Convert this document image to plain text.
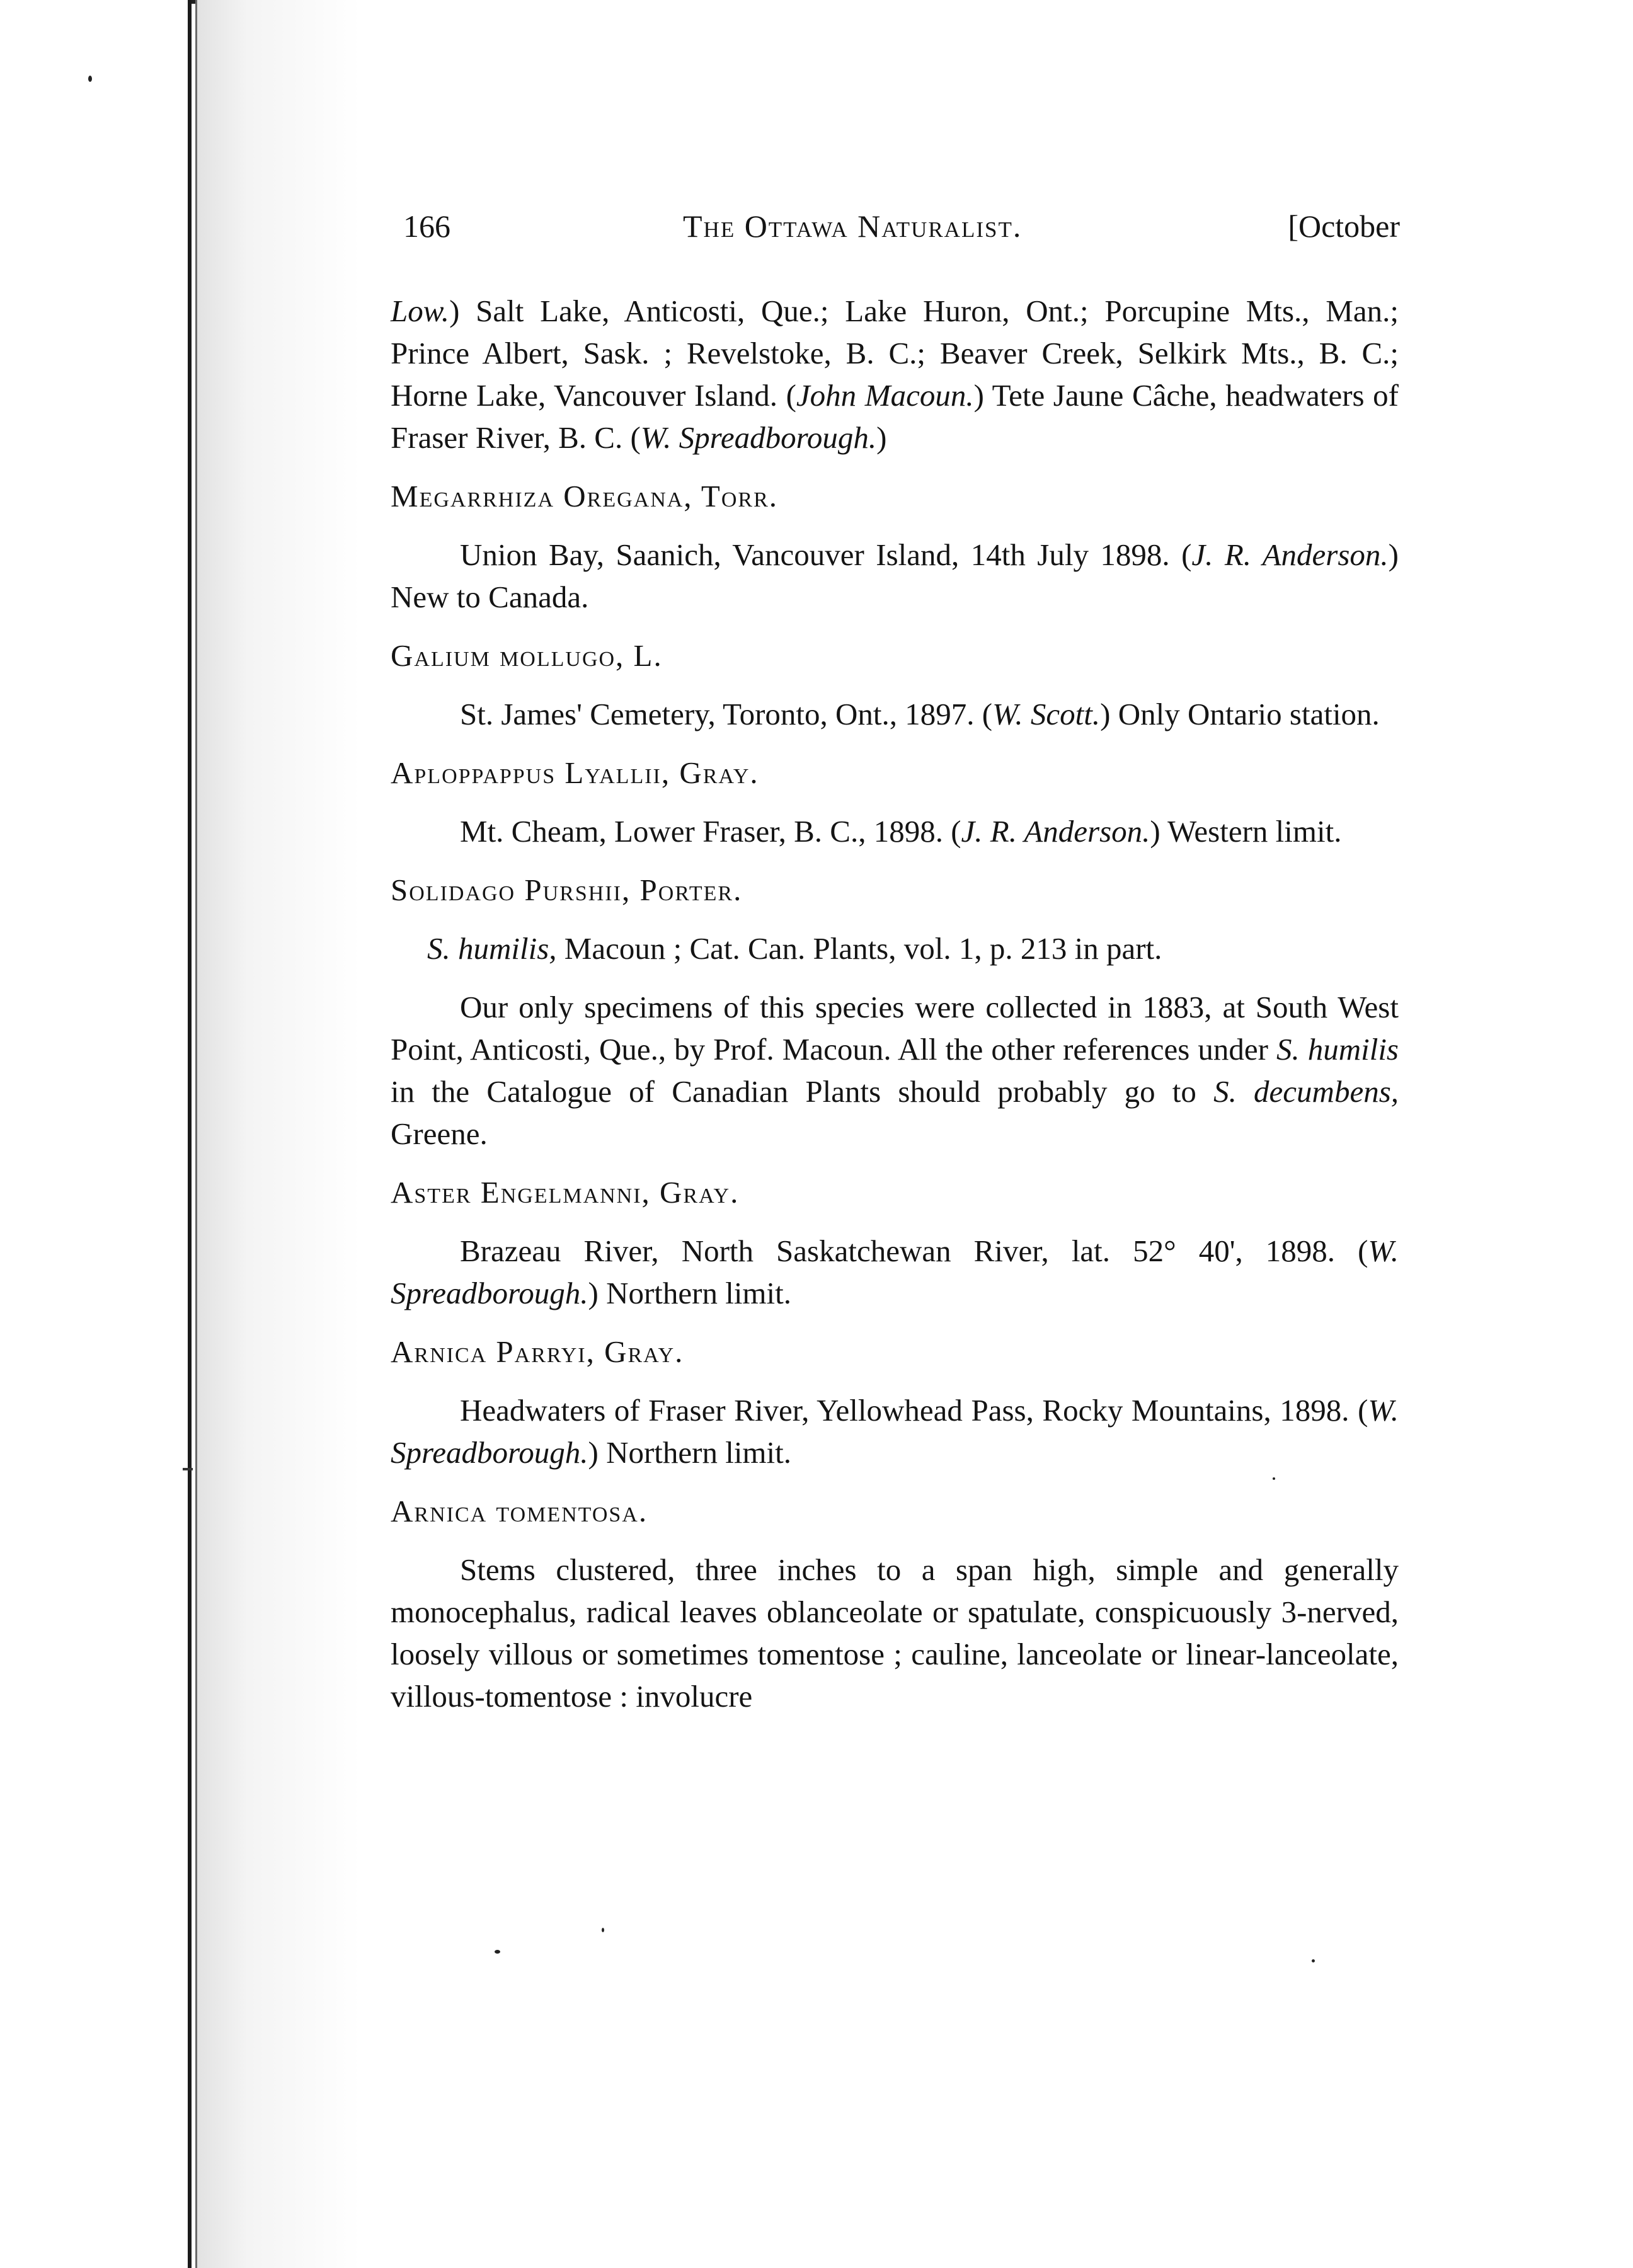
166	The Ottawa Naturalist.	[October

Low.) Salt Lake, Anticosti, Que.; Lake Huron, Ont.; Porcupine Mts., Man.; Prince Albert, Sask. ; Revelstoke, B. C.; Beaver Creek, Selkirk Mts., B. C.; Horne Lake, Vancouver Island. (John Macoun.) Tete Jaune Câche, headwaters of Fraser River, B. C. (W. Spreadborough.)

Megarrhiza Oregana, Torr.

Union Bay, Saanich, Vancouver Island, 14th July 1898. (J. R. Anderson.) New to Canada.

Galium mollugo, L.

St. James' Cemetery, Toronto, Ont., 1897. (W. Scott.) Only Ontario station.

Aploppappus Lyallii, Gray.

Mt. Cheam, Lower Fraser, B. C., 1898. (J. R. Anderson.) Western limit.

Solidago Purshii, Porter.

S. humilis, Macoun ; Cat. Can. Plants, vol. 1, p. 213 in part.

Our only specimens of this species were collected in 1883, at South West Point, Anticosti, Que., by Prof. Macoun. All the other references under S. humilis in the Catalogue of Canadian Plants should probably go to S. decumbens, Greene.

Aster Engelmanni, Gray.

Brazeau River, North Saskatchewan River, lat. 52° 40', 1898. (W. Spreadborough.) Northern limit.

Arnica Parryi, Gray.

Headwaters of Fraser River, Yellowhead Pass, Rocky Mountains, 1898. (W. Spreadborough.) Northern limit.

Arnica tomentosa.

Stems clustered, three inches to a span high, simple and generally monocephalus, radical leaves oblanceolate or spatulate, conspicuously 3-nerved, loosely villous or sometimes tomentose ; cauline, lanceolate or linear-lanceolate, villous-tomentose : involucre
